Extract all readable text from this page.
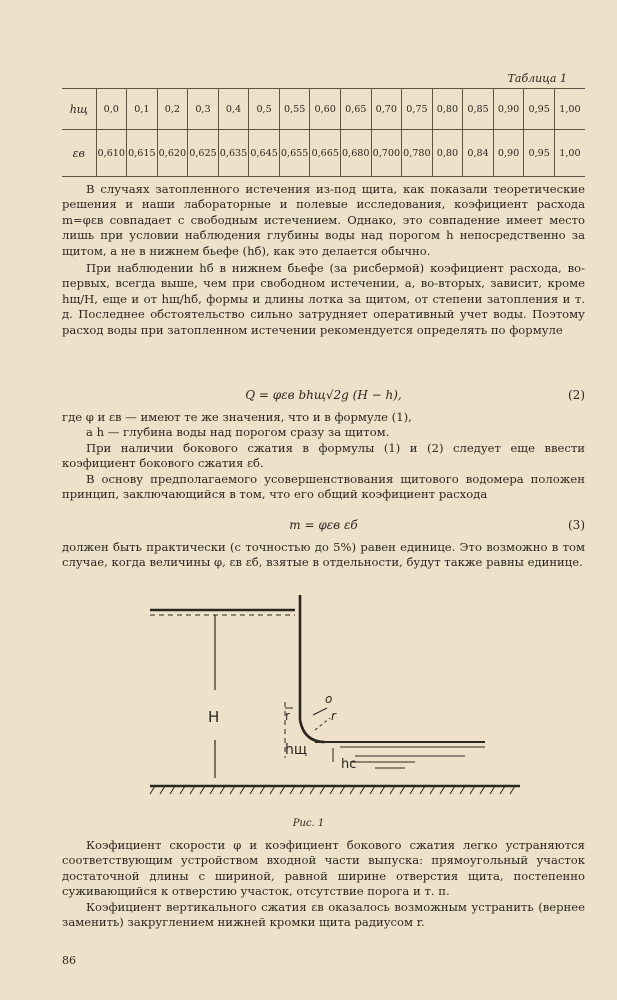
Таблица 1
hщ	0,0	0,1	0,2	0,3	0,4	0,5	0,55	0,60	0,65	0,70	0,75	0,80	0,85	0,90	0,95	1,00
εв	0,610	0,615	0,620	0,625	0,635	0,645	0,655	0,665	0,680	0,700	0,780	0,80	0,84	0,90	0,95	1,00

В случаях затопленного истечения из-под щита, как показали теоретические решения и наши лабораторные и полевые исследования, коэфициент расхода m=φεв совпадает с свободным истечением. Однако, это совпадение имеет место лишь при условии наблюдения глубины воды над порогом h непосредственно за щитом, а не в нижнем бьефе (hб), как это делается обычно.

При наблюдении hб в нижнем бьефе (за рисбермой) коэфициент расхода, во-первых, всегда выше, чем при свободном истечении, а, во-вторых, зависит, кроме hщ/H, еще и от hщ/hб, формы и длины лотка за щитом, от степени затопления и т. д. Последнее обстоятельство сильно затрудняет оперативный учет воды. Поэтому расход воды при затопленном истечении рекомендуется определять по формуле

Q = φεв bhщ√2g (H − h),	(2)

где φ и εв — имеют те же значения, что и в формуле (1),

а h — глубина воды над порогом сразу за щитом.

При наличии бокового сжатия в формулы (1) и (2) следует еще ввести коэфициент бокового сжатия εб.

В основу предполагаемого усовершенствования щитового водомера положен принцип, заключающийся в том, что его общий коэфициент расхода

m = φεв εб	(3)

должен быть практически (с точностью до 5%) равен единице. Это возможно в том случае, когда величины φ, εв εб, взятые в отдельности, будут также равны единице.

H	r
o
r
hщ
hc
Рис. 1

Коэфициент скорости φ и коэфициент бокового сжатия легко устраняются соответствующим устройством входной части выпуска: прямоугольный участок достаточной длины с шириной, равной ширине отверстия щита, постепенно суживающийся к отверстию участок, отсутствие порога и т. п.

Коэфициент вертикального сжатия εв оказалось возможным устранить (вернее заменить) закруглением нижней кромки щита радиусом r.

86
